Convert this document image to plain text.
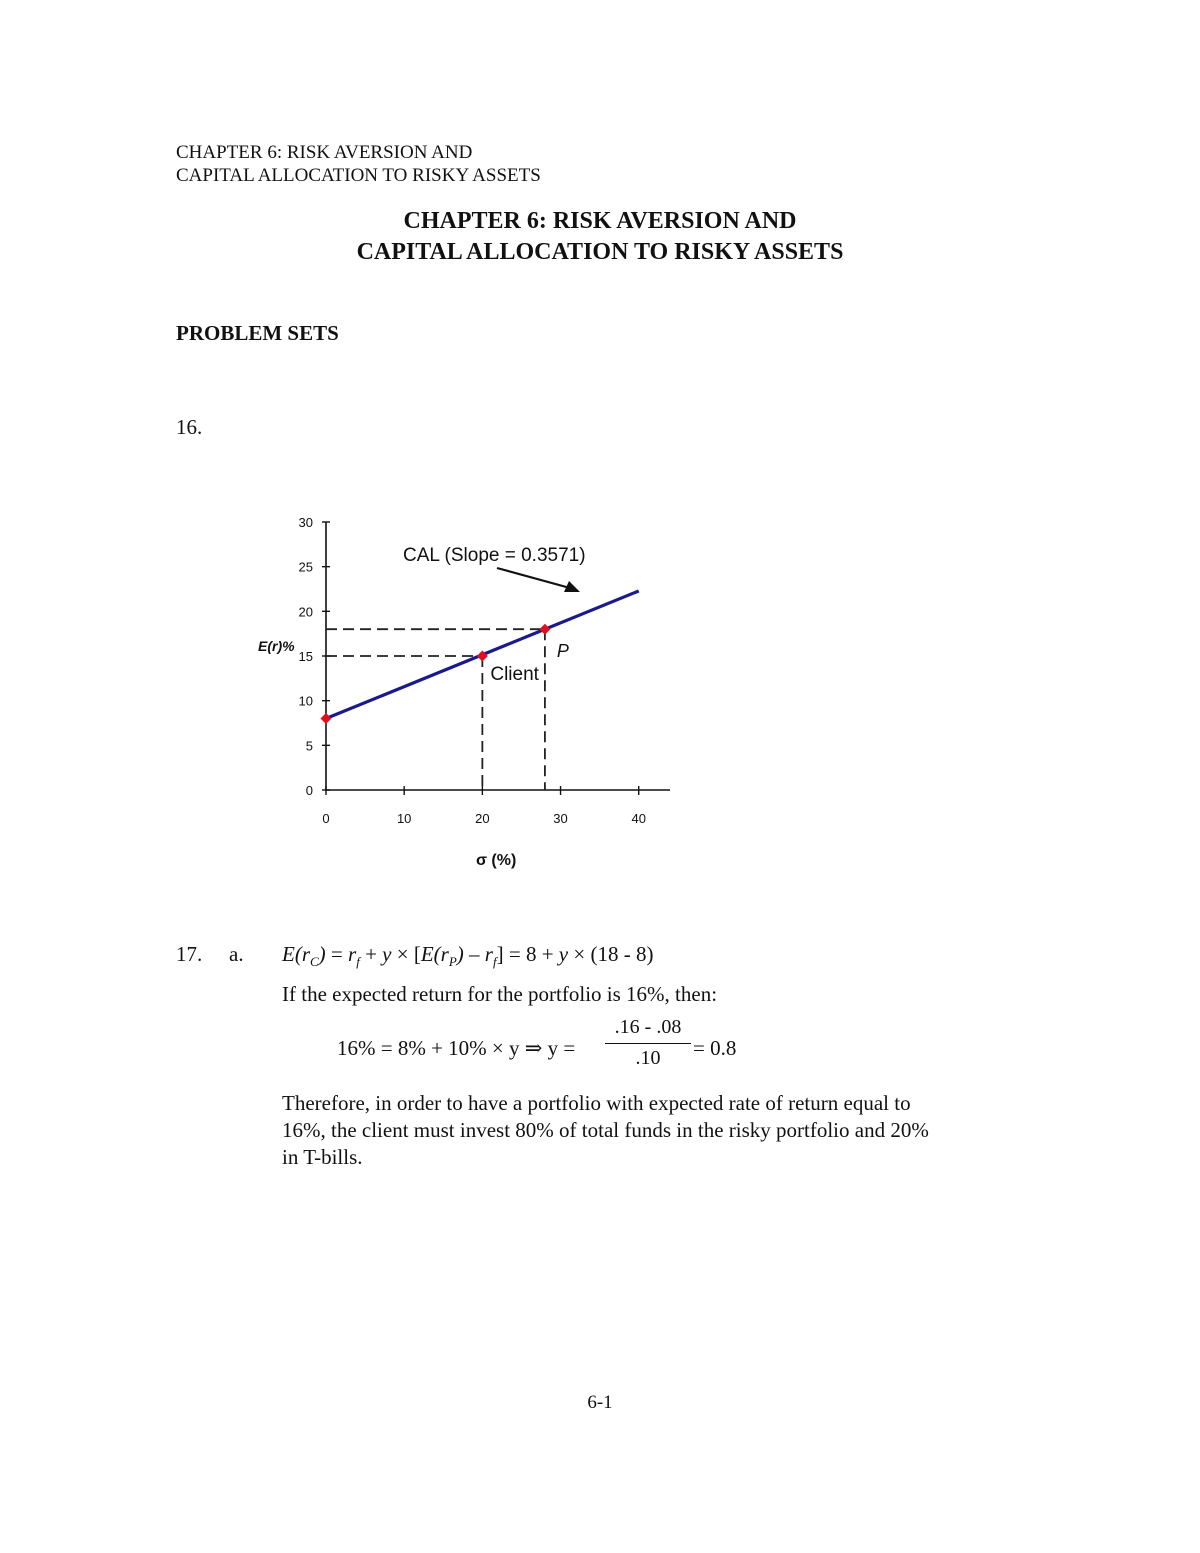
CHAPTER 6: RISK AVERSION AND
CAPITAL ALLOCATION TO RISKY ASSETS
CHAPTER 6: RISK AVERSION AND
CAPITAL ALLOCATION TO RISKY ASSETS
PROBLEM SETS
16.
0
5
10
15
20
25
30
0	10	20	30	40
Client
P
CAL (Slope = 0.3571)
E(r)%
σ (%)
17. a. $E(r_C) = r_f + y \times [E(r_P) - r_f] = 8 + y \times (18 - 8)$
If the expected return for the portfolio is 16%, then:
16% = 8% + 10% × y ⇒ y =
.16 - .08
.10	= 0.8
Therefore, in order to have a portfolio with expected rate of return equal to
16%, the client must invest 80% of total funds in the risky portfolio and 20%
in T-bills.
6-1
